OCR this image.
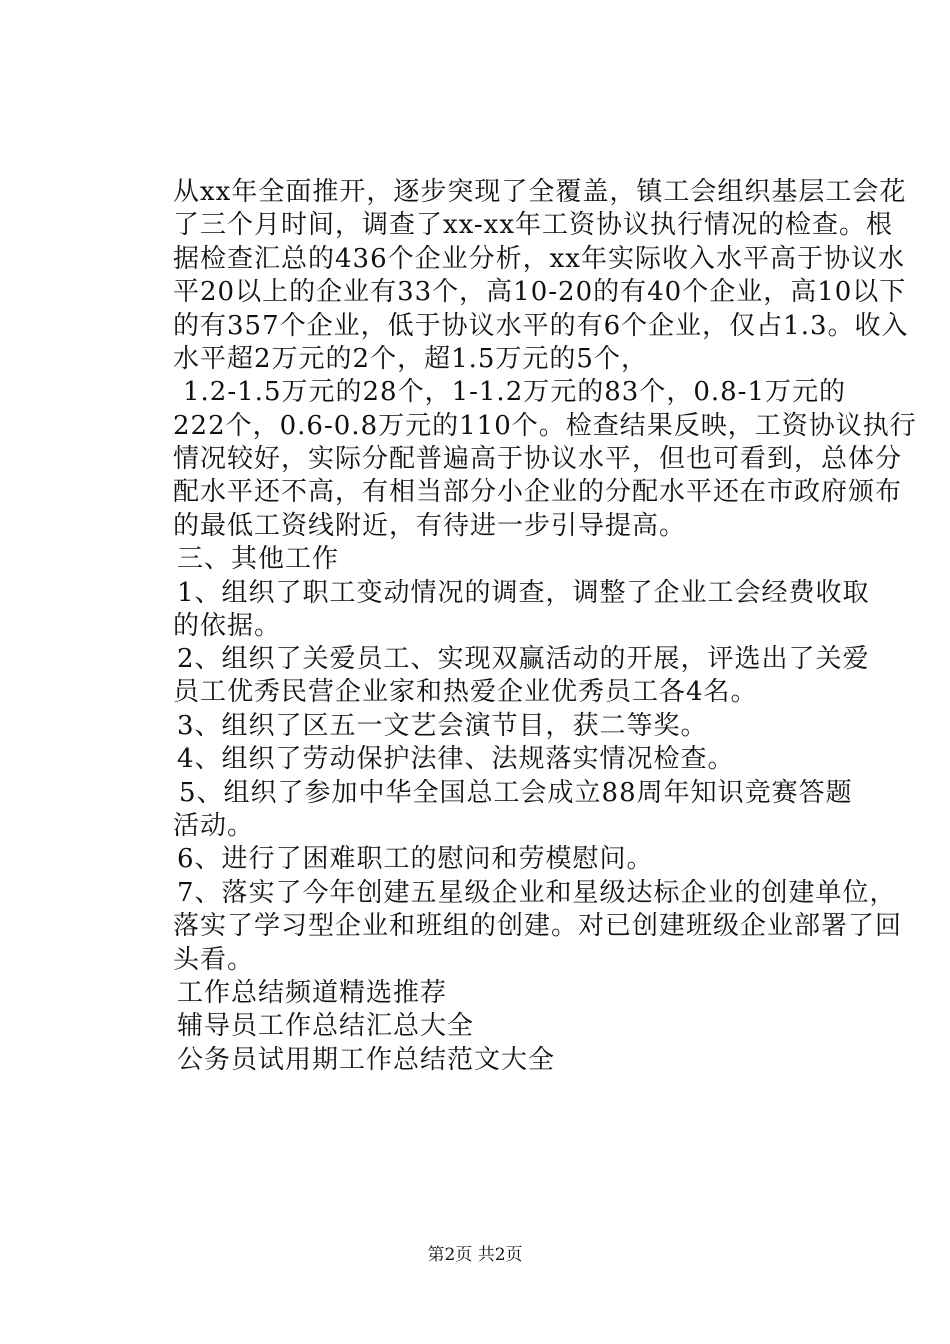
从xx年全面推开，逐步突现了全覆盖，镇工会组织基层工会花
了三个月时间，调查了xx-xx年工资协议执行情况的检查。根
据检查汇总的436个企业分析，xx年实际收入水平高于协议水
平20以上的企业有33个，高10-20的有40个企业，高10以下
的有357个企业，低于协议水平的有6个企业，仅占1.3。收入
水平超2万元的2个，超1.5万元的5个，
1.2-1.5万元的28个，1-1.2万元的83个，0.8-1万元的
222个，0.6-0.8万元的110个。检查结果反映，工资协议执行
情况较好，实际分配普遍高于协议水平，但也可看到，总体分
配水平还不高，有相当部分小企业的分配水平还在市政府颁布
的最低工资线附近，有待进一步引导提高。
三、其他工作
1、组织了职工变动情况的调查，调整了企业工会经费收取
的依据。
2、组织了关爱员工、实现双赢活动的开展，评选出了关爱
员工优秀民营企业家和热爱企业优秀员工各4名。
3、组织了区五一文艺会演节目，获二等奖。
4、组织了劳动保护法律、法规落实情况检查。
5、组织了参加中华全国总工会成立88周年知识竞赛答题
活动。
6、进行了困难职工的慰问和劳模慰问。
7、落实了今年创建五星级企业和星级达标企业的创建单位，
落实了学习型企业和班组的创建。对已创建班级企业部署了回
头看。
工作总结频道精选推荐
辅导员工作总结汇总大全
公务员试用期工作总结范文大全
第2页 共2页
